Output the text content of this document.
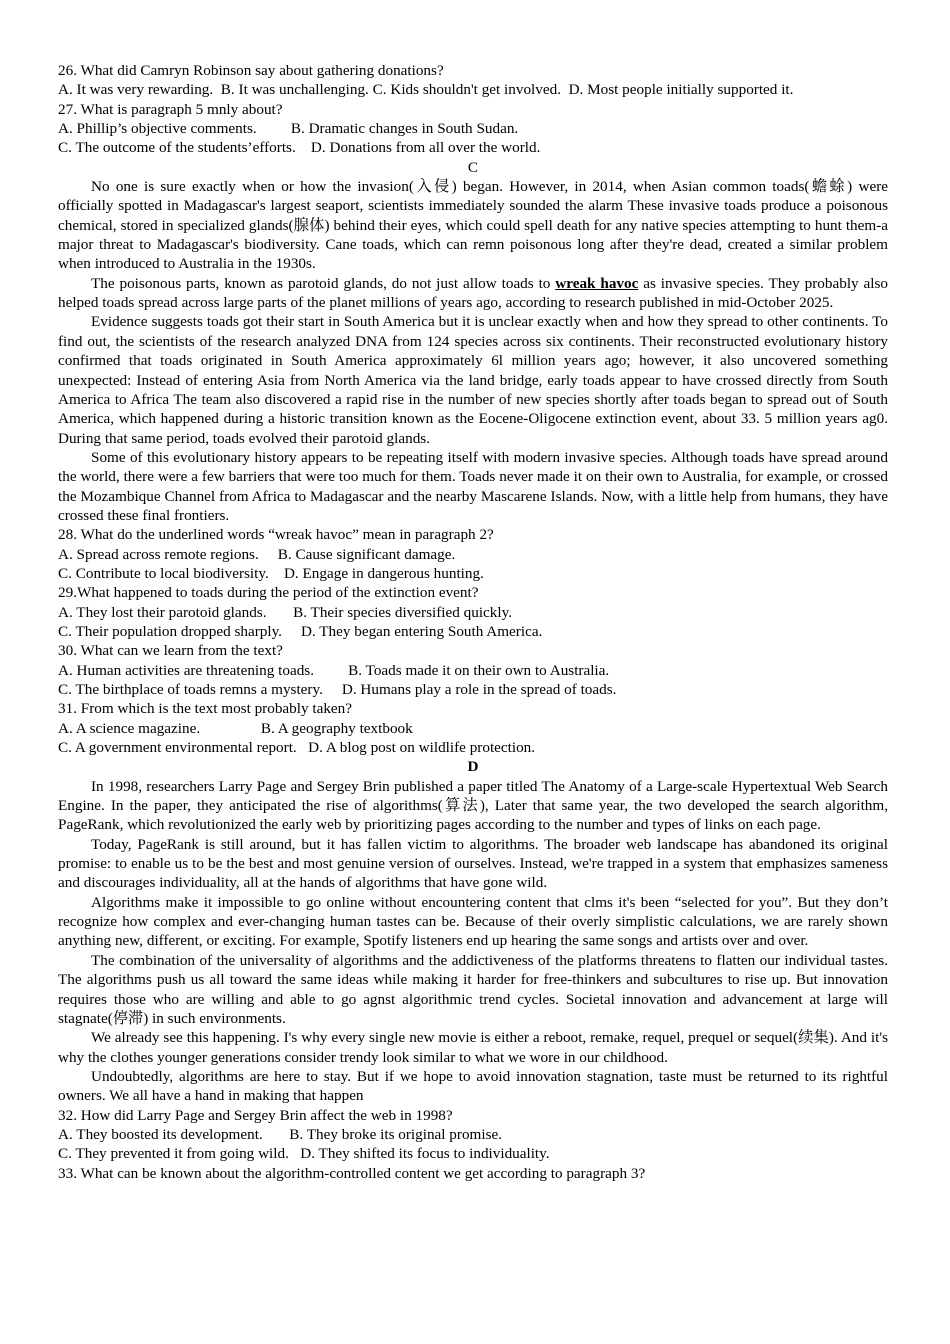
26. What did Camryn Robinson say about gathering donations?

A. It was very rewarding.  B. It was unchallenging. C. Kids shouldn't get involved.  D. Most people initially supported it.

27. What is paragraph 5 mnly about?

A. Phillip’s objective comments.         B. Dramatic changes in South Sudan.

C. The outcome of the students’efforts.    D. Donations from all over the world.

C

No one is sure exactly when or how the invasion(入侵) began. However, in 2014, when Asian common toads(蟾蜍) were officially spotted in Madagascar's largest seaport, scientists immediately sounded the alarm These invasive toads produce a poisonous chemical, stored in specialized glands(腺体) behind their eyes, which could spell death for any native species attempting to hunt them-a major threat to Madagascar's biodiversity. Cane toads, which can remn poisonous long after they're dead, created a similar problem when introduced to Australia in the 1930s.

The poisonous parts, known as parotoid glands, do not just allow toads to wreak havoc as invasive species. They probably also helped toads spread across large parts of the planet millions of years ago, according to research published in mid-October 2025.

Evidence suggests toads got their start in South America but it is unclear exactly when and how they spread to other continents. To find out, the scientists of the research analyzed DNA from 124 species across six continents. Their reconstructed evolutionary history confirmed that toads originated in South America approximately 6l million years ago; however, it also uncovered something unexpected: Instead of entering Asia from North America via the land bridge, early toads appear to have crossed directly from South America to Africa The team also discovered a rapid rise in the number of new species shortly after toads began to spread out of South America, which happened during a historic transition known as the Eocene-Oligocene extinction event, about 33. 5 million years ag0. During that same period, toads evolved their parotoid glands.

Some of this evolutionary history appears to be repeating itself with modern invasive species. Although toads have spread around the world, there were a few barriers that were too much for them. Toads never made it on their own to Australia, for example, or crossed the Mozambique Channel from Africa to Madagascar and the nearby Mascarene Islands. Now, with a little help from humans, they have crossed these final frontiers.

28. What do the underlined words “wreak havoc” mean in paragraph 2?

A. Spread across remote regions.     B. Cause significant damage.

C. Contribute to local biodiversity.    D. Engage in dangerous hunting.

29.What happened to toads during the period of the extinction event?

A. They lost their parotoid glands.       B. Their species diversified quickly.

C. Their population dropped sharply.     D. They began entering South America.

30. What can we learn from the text?

A. Human activities are threatening toads.         B. Toads made it on their own to Australia.

C. The birthplace of toads remns a mystery.     D. Humans play a role in the spread of toads.

31. From which is the text most probably taken?

A. A science magazine.                B. A geography textbook

C. A government environmental report.   D. A blog post on wildlife protection.

D

In 1998, researchers Larry Page and Sergey Brin published a paper titled The Anatomy of a Large-scale Hypertextual Web Search Engine. In the paper, they anticipated the rise of algorithms(算法), Later that same year, the two developed the search algorithm, PageRank, which revolutionized the early web by prioritizing pages according to the number and types of links on each page.

Today, PageRank is still around, but it has fallen victim to algorithms. The broader web landscape has abandoned its original promise: to enable us to be the best and most genuine version of ourselves. Instead, we're trapped in a system that emphasizes sameness and discourages individuality, all at the hands of algorithms that have gone wild.

Algorithms make it impossible to go online without encountering content that clms it's been “selected for you”. But they don’t recognize how complex and ever-changing human tastes can be. Because of their overly simplistic calculations, we are rarely shown anything new, different, or exciting. For example, Spotify listeners end up hearing the same songs and artists over and over.

The combination of the universality of algorithms and the addictiveness of the platforms threatens to flatten our individual tastes. The algorithms push us all toward the same ideas while making it harder for free-thinkers and subcultures to rise up. But innovation requires those who are willing and able to go agnst algorithmic trend cycles. Societal innovation and advancement at large will stagnate(停滞) in such environments.

We already see this happening. I's why every single new movie is either a reboot, remake, requel, prequel or sequel(续集). And it's why the clothes younger generations consider trendy look similar to what we wore in our childhood.

Undoubtedly, algorithms are here to stay. But if we hope to avoid innovation stagnation, taste must be returned to its rightful owners. We all have a hand in making that happen

32. How did Larry Page and Sergey Brin affect the web in 1998?

A. They boosted its development.       B. They broke its original promise.

C. They prevented it from going wild.   D. They shifted its focus to individuality.

33. What can be known about the algorithm-controlled content we get according to paragraph 3?
